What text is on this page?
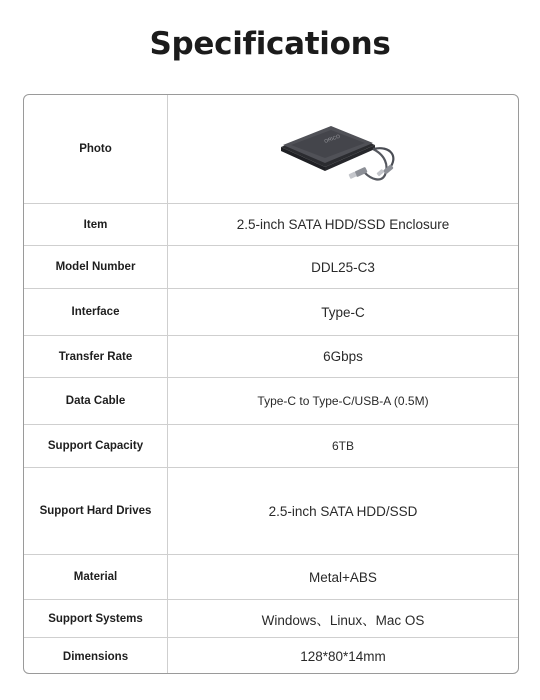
Specifications
Photo
ORICO
Item	2.5-inch SATA HDD/SSD Enclosure
Model Number	DDL25-C3
Interface	Type-C
Transfer Rate	6Gbps
Data Cable	Type-C to Type-C/USB-A (0.5M)
Support Capacity	6TB
Support Hard Drives	2.5-inch SATA HDD/SSD
Material	Metal+ABS
Support Systems	Windows、Linux、Mac OS
Dimensions	128*80*14mm
